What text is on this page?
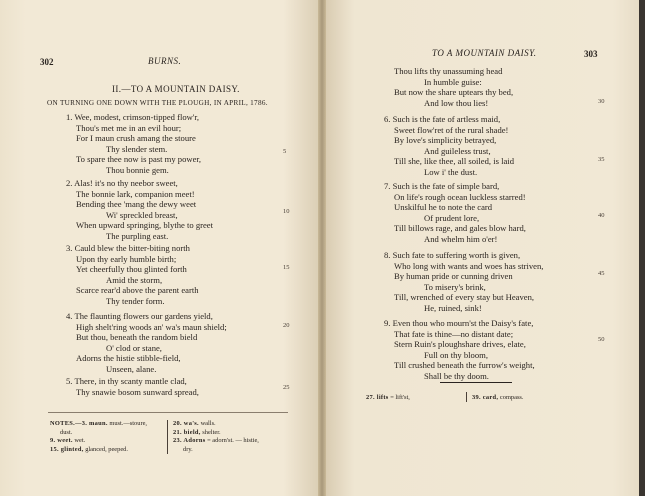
302	BURNS.
II.—TO A MOUNTAIN DAISY.
ON TURNING ONE DOWN WITH THE PLOUGH, IN APRIL, 1786.
1. Wee, modest, crimson-tipped flow'r,
Thou's met me in an evil hour;
For I maun crush amang the stoure
Thy slender stem.
To spare thee now is past my power,
Thou bonnie gem.
2. Alas! it's no thy neebor sweet,
The bonnie lark, companion meet!
Bending thee 'mang the dewy weet
Wi' spreckled breast,
When upward springing, blythe to greet
The purpling east.
3. Cauld blew the bitter-biting north
Upon thy early humble birth;
Yet cheerfully thou glinted forth
Amid the storm,
Scarce rear'd above the parent earth
Thy tender form.
4. The flaunting flowers our gardens yield,
High shelt'ring woods an' wa's maun shield;
But thou, beneath the random bield
O' clod or stane,
Adorns the histie stibble-field,
Unseen, alane.
5. There, in thy scanty mantle clad,
Thy snawie bosom sunward spread,
5
10
15
20
25
NOTES.—3. maun. must.—stoure,
dust.
9. weet. wet.
15. glinted, glanced, peeped.
20. wa's. walls.
21. bield, shelter.
23. Adorns = adorn'st. — histie,
dry.
TO A MOUNTAIN DAISY.	303
Thou lifts thy unassuming head
In humble guise:
But now the share uptears thy bed,
And low thou lies!
6. Such is the fate of artless maid,
Sweet flow'ret of the rural shade!
By love's simplicity betrayed,
And guileless trust,
Till she, like thee, all soiled, is laid
Low i' the dust.
7. Such is the fate of simple bard,
On life's rough ocean luckless starred!
Unskilful he to note the card
Of prudent lore,
Till billows rage, and gales blow hard,
And whelm him o'er!
8. Such fate to suffering worth is given,
Who long with wants and woes has striven,
By human pride or cunning driven
To misery's brink,
Till, wrenched of every stay but Heaven,
He, ruined, sink!
9. Even thou who mourn'st the Daisy's fate,
That fate is thine—no distant date;
Stern Ruin's ploughshare drives, elate,
Full on thy bloom,
Till crushed beneath the furrow's weight,
Shall be thy doom.
30
35
40
45
50
27. lifts = lift'st,	39. card, compass.
